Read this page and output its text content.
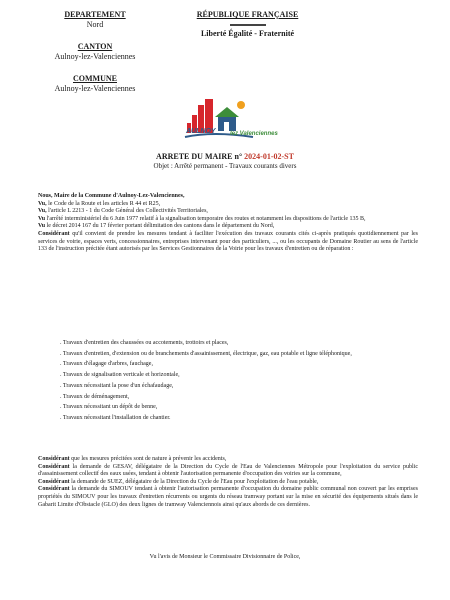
DEPARTEMENT
Nord
CANTON
Aulnoy-lez-Valenciennes
COMMUNE
Aulnoy-lez-Valenciennes
RÉPUBLIQUE FRANÇAISE
Liberté Égalité - Fraternité
AULNOY lez Valenciennes
ARRETE DU MAIRE n° 2024-01-02-ST
Objet : Arrêté permanent - Travaux courants divers

Nous, Maire de la Commune d'Aulnoy-Lez-Valenciennes,

Vu, le Code de la Route et les articles R 44 et R25,

Vu, l'article L 2213 - 1 du Code Général des Collectivités Territoriales,

Vu l'arrêté interministériel du 6 Juin 1977 relatif à la signalisation temporaire des routes et notamment les dispositions de l'article 135 B,

Vu le décret 2014 167 du 17 février portant délimitation des cantons dans le département du Nord,

Considérant qu'il convient de prendre les mesures tendant à faciliter l'exécution des travaux courants cités ci-après pratiqués quotidiennement par les services de voirie, espaces verts, concessionnaires, entreprises intervenant pour des particuliers, ..., ou les occupants de Domaine Routier au sens de l'article 133 de l'instruction précitée étant autorisés par les Services Gestionnaires de la Voirie pour les travaux d'entretien ou de réparation :

. Travaux d'entretien des chaussées ou accotements, trottoirs et places,
. Travaux d'entretien, d'extension ou de branchements d'assainissement, électrique, gaz, eau potable et ligne téléphonique,
. Travaux d'élagage d'arbres, fauchage,
. Travaux de signalisation verticale et horizontale,
. Travaux nécessitant la pose d'un échafaudage,
. Travaux de déménagement,
. Travaux nécessitant un dépôt de benne,
. Travaux nécessitant l'installation de chantier.

Considérant que les mesures précitées sont de nature à prévenir les accidents,

Considérant la demande de GESAV, délégataire de la Direction du Cycle de l'Eau de Valenciennes Métropole pour l'exploitation du service public d'assainissement collectif des eaux usées, tendant à obtenir l'autorisation permanente d'occupation des voiries sur la commune,

Considérant la demande de SUEZ, délégataire de la Direction du Cycle de l'Eau pour l'exploitation de l'eau potable,

Considérant la demande du SIMOUV tendant à obtenir l'autorisation permanente d'occupation du domaine public communal non couvert par les emprises propriétés du SIMOUV pour les travaux d'entretien récurrents ou urgents du réseau tramway portant sur la mise en sécurité des équipements situés dans le Gabarit Limite d'Obstacle (GLO) des deux lignes de tramway Valenciennois ainsi qu'aux abords de ces dernières.

Vu l'avis de Monsieur le Commissaire Divisionnaire de Police,
